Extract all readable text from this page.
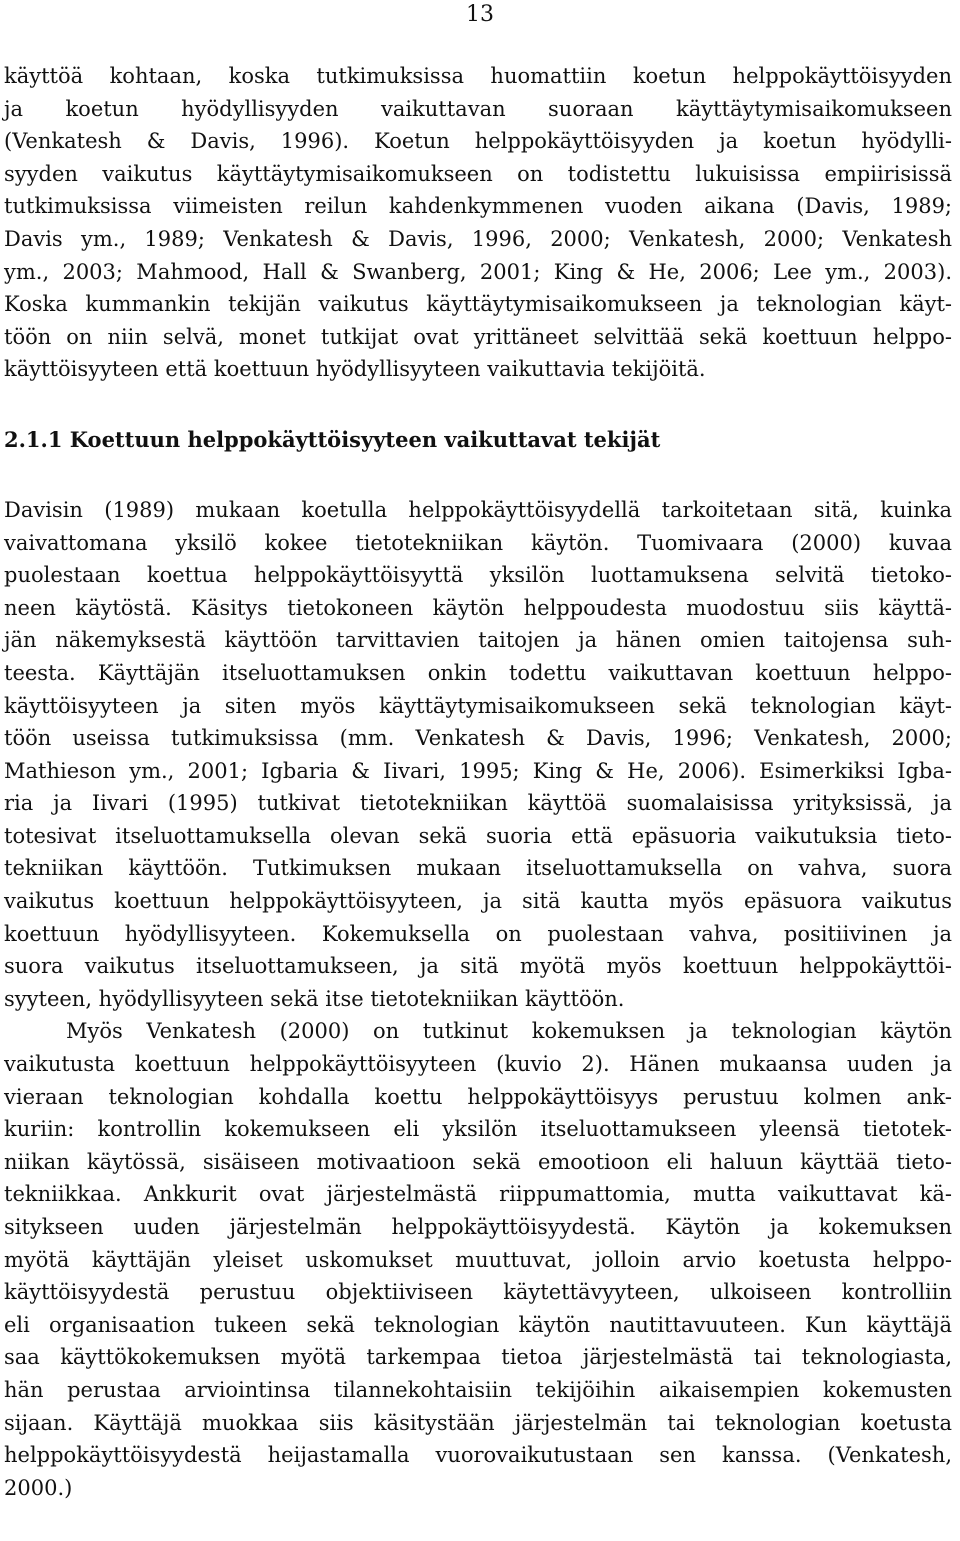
13

käyttöä kohtaan, koska tutkimuksissa huomattiin koetun helppokäyttöisyyden
ja koetun hyödyllisyyden vaikuttavan suoraan käyttäytymisaikomukseen
(Venkatesh & Davis, 1996). Koetun helppokäyttöisyyden ja koetun hyödylli-
syyden vaikutus käyttäytymisaikomukseen on todistettu lukuisissa empiirisissä
tutkimuksissa viimeisten reilun kahdenkymmenen vuoden aikana (Davis, 1989;
Davis ym., 1989; Venkatesh & Davis, 1996, 2000; Venkatesh, 2000; Venkatesh
ym., 2003; Mahmood, Hall & Swanberg, 2001; King & He, 2006; Lee ym., 2003).
Koska kummankin tekijän vaikutus käyttäytymisaikomukseen ja teknologian käyt-
töön on niin selvä, monet tutkijat ovat yrittäneet selvittää sekä koettuun helppo-
käyttöisyyteen että koettuun hyödyllisyyteen vaikuttavia tekijöitä.

2.1.1 Koettuun helppokäyttöisyyteen vaikuttavat tekijät

Davisin (1989) mukaan koetulla helppokäyttöisyydellä tarkoitetaan sitä, kuinka
vaivattomana yksilö kokee tietotekniikan käytön. Tuomivaara (2000) kuvaa
puolestaan koettua helppokäyttöisyyttä yksilön luottamuksena selvitä tietoko-
neen käytöstä. Käsitys tietokoneen käytön helppoudesta muodostuu siis käyttä-
jän näkemyksestä käyttöön tarvittavien taitojen ja hänen omien taitojensa suh-
teesta. Käyttäjän itseluottamuksen onkin todettu vaikuttavan koettuun helppo-
käyttöisyyteen ja siten myös käyttäytymisaikomukseen sekä teknologian käyt-
töön useissa tutkimuksissa (mm. Venkatesh & Davis, 1996; Venkatesh, 2000;
Mathieson ym., 2001; Igbaria & Iivari, 1995; King & He, 2006). Esimerkiksi Igba-
ria ja Iivari (1995) tutkivat tietotekniikan käyttöä suomalaisissa yrityksissä, ja
totesivat itseluottamuksella olevan sekä suoria että epäsuoria vaikutuksia tieto-
tekniikan käyttöön. Tutkimuksen mukaan itseluottamuksella on vahva, suora
vaikutus koettuun helppokäyttöisyyteen, ja sitä kautta myös epäsuora vaikutus
koettuun hyödyllisyyteen. Kokemuksella on puolestaan vahva, positiivinen ja
suora vaikutus itseluottamukseen, ja sitä myötä myös koettuun helppokäyttöi-
syyteen, hyödyllisyyteen sekä itse tietotekniikan käyttöön.

Myös Venkatesh (2000) on tutkinut kokemuksen ja teknologian käytön
vaikutusta koettuun helppokäyttöisyyteen (kuvio 2). Hänen mukaansa uuden ja
vieraan teknologian kohdalla koettu helppokäyttöisyys perustuu kolmen ank-
kuriin: kontrollin kokemukseen eli yksilön itseluottamukseen yleensä tietotek-
niikan käytössä, sisäiseen motivaatioon sekä emootioon eli haluun käyttää tieto-
tekniikkaa. Ankkurit ovat järjestelmästä riippumattomia, mutta vaikuttavat kä-
sitykseen uuden järjestelmän helppokäyttöisyydestä. Käytön ja kokemuksen
myötä käyttäjän yleiset uskomukset muuttuvat, jolloin arvio koetusta helppo-
käyttöisyydestä perustuu objektiiviseen käytettävyyteen, ulkoiseen kontrolliin
eli organisaation tukeen sekä teknologian käytön nautittavuuteen. Kun käyttäjä
saa käyttökokemuksen myötä tarkempaa tietoa järjestelmästä tai teknologiasta,
hän perustaa arviointinsa tilannekohtaisiin tekijöihin aikaisempien kokemusten
sijaan. Käyttäjä muokkaa siis käsitystään järjestelmän tai teknologian koetusta
helppokäyttöisyydestä heijastamalla vuorovaikutustaan sen kanssa. (Venkatesh,
2000.)
